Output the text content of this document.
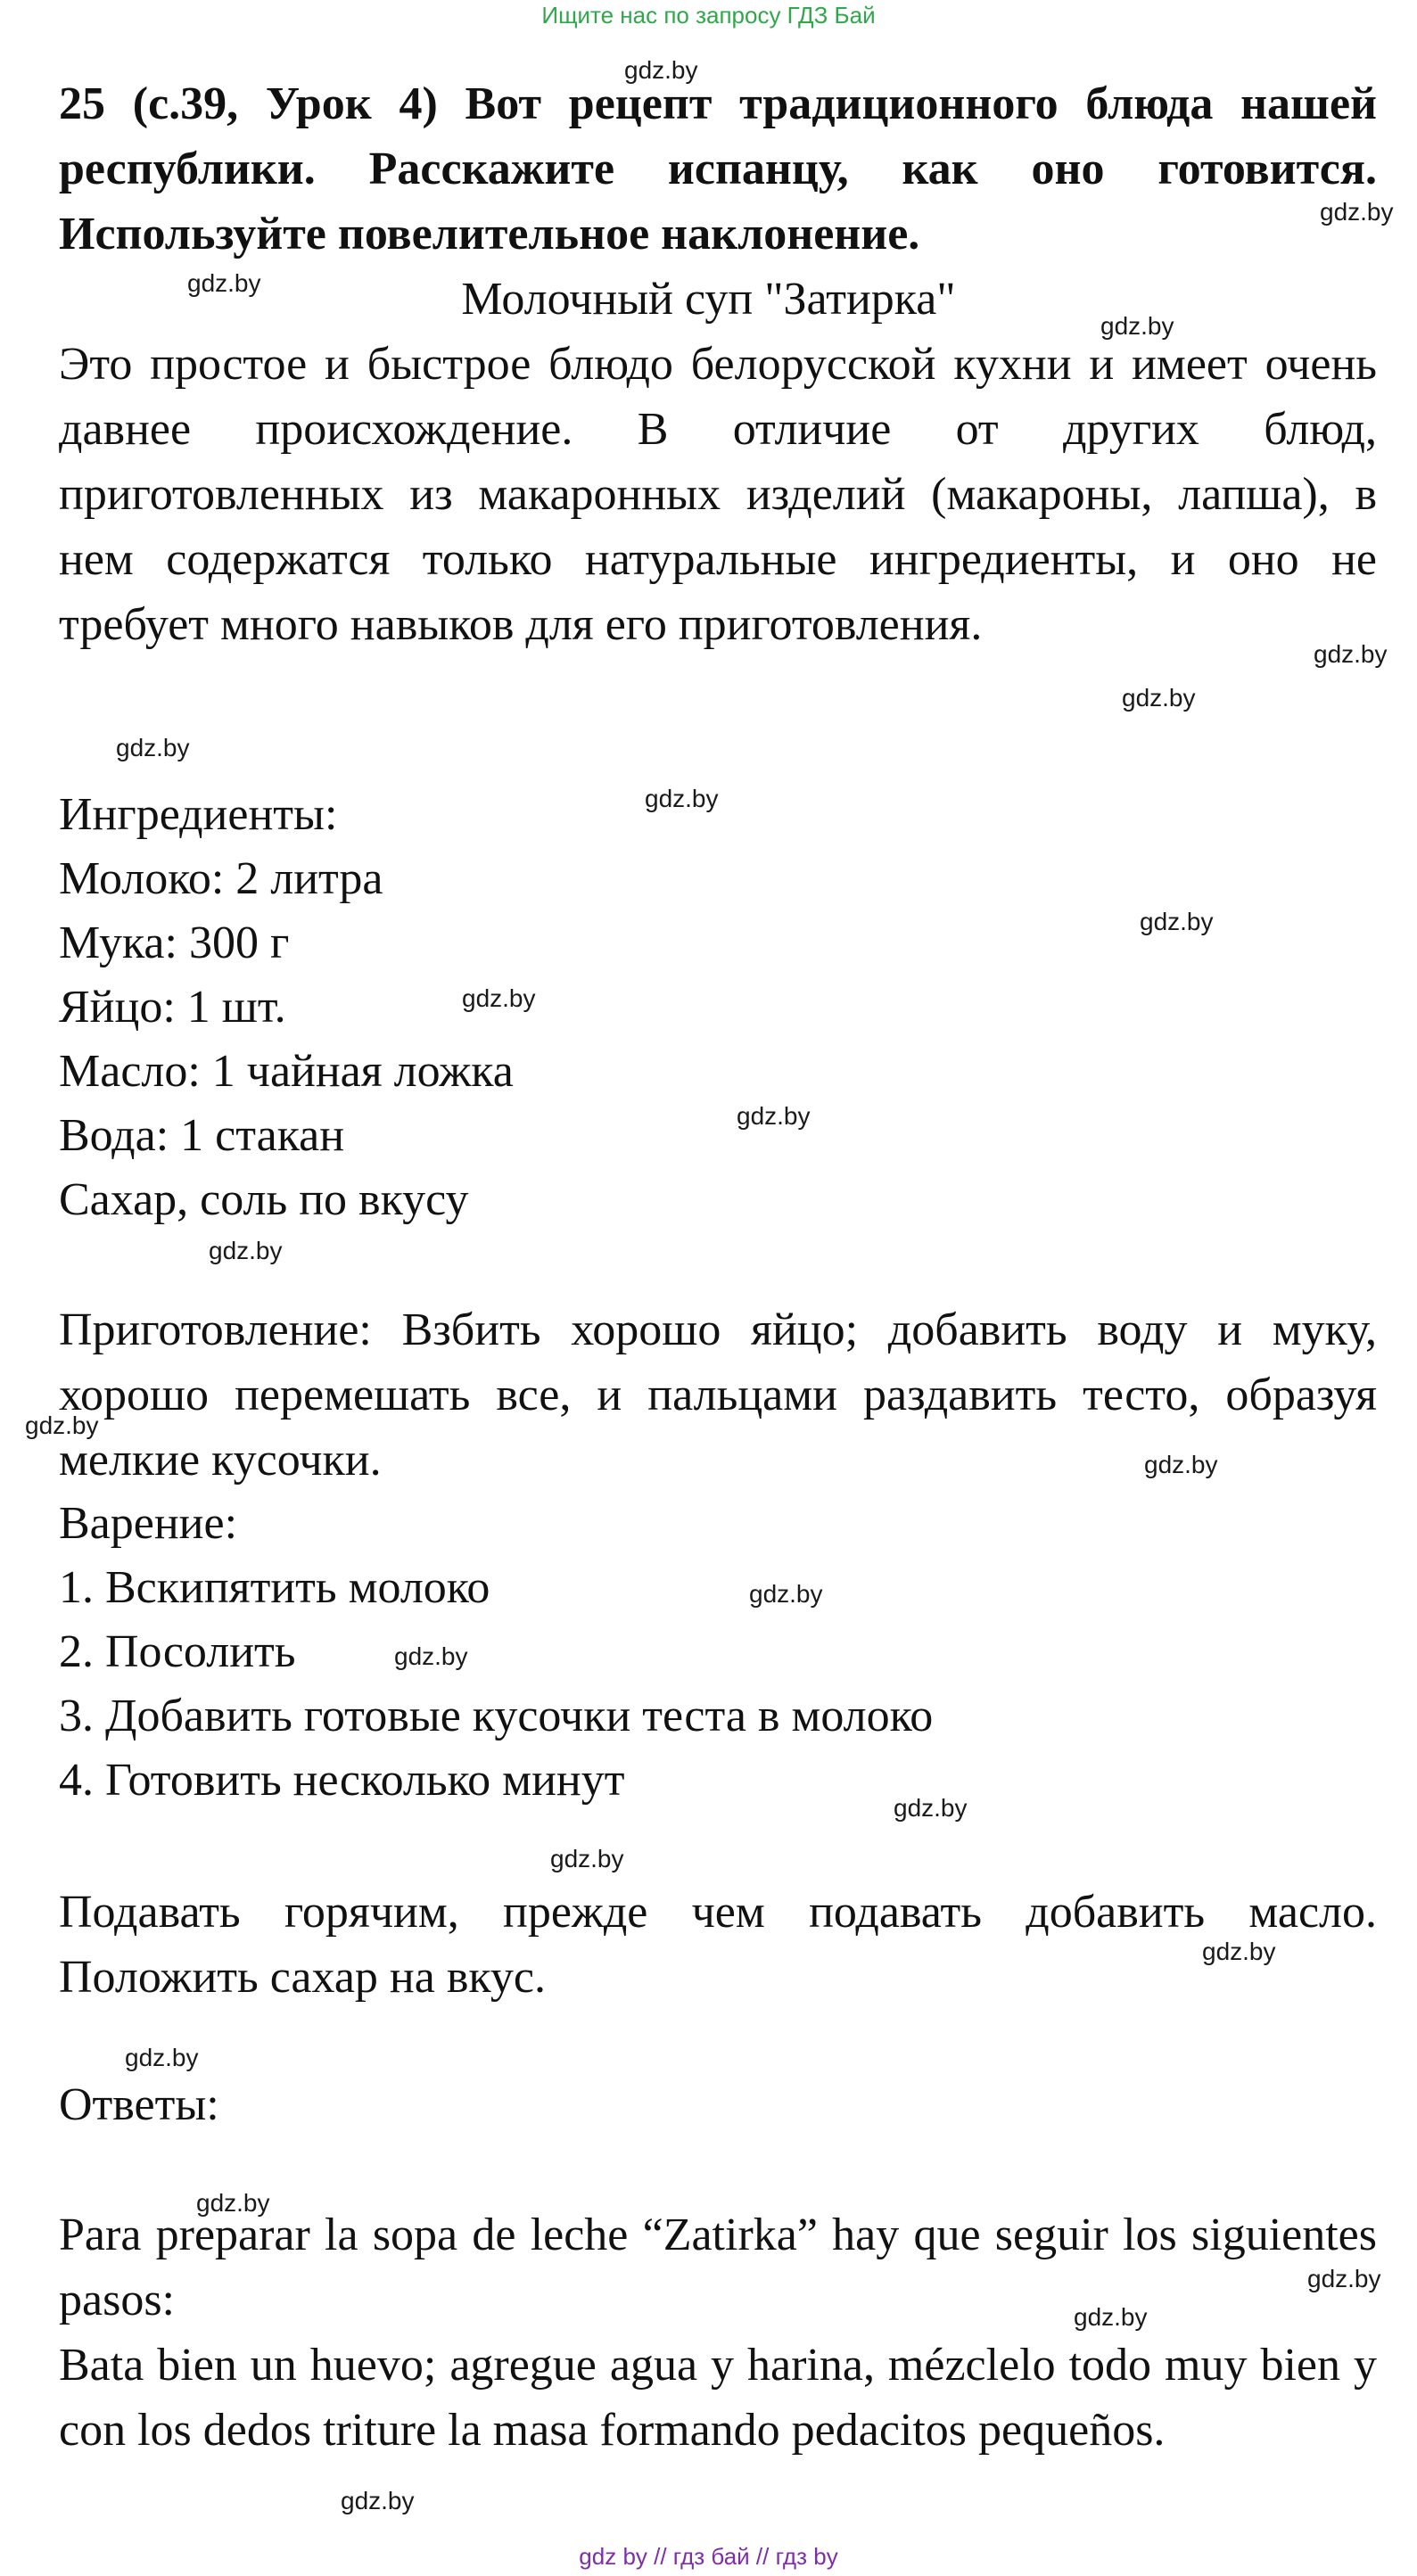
Ищите нас по запросу ГДЗ Бай
25 (с.39, Урок 4) Вот рецепт традиционного блюда нашей республики. Расскажите испанцу, как оно готовится. Используйте повелительное наклонение.
Молочный суп "Затирка"
Это простое и быстрое блюдо белорусской кухни и имеет очень давнее происхождение. В отличие от других блюд, приготовленных из макаронных изделий (макароны, лапша), в нем содержатся только натуральные ингредиенты, и оно не требует много навыков для его приготовления.
Ингредиенты:
Молоко: 2 литра
Мука: 300 г
Яйцо: 1 шт.
Масло: 1 чайная ложка
Вода: 1 стакан
Сахар, соль по вкусу
Приготовление: Взбить хорошо яйцо; добавить воду и муку, хорошо перемешать все, и пальцами раздавить тесто, образуя мелкие кусочки.
Варение:
1. Вскипятить молоко
2. Посолить
3. Добавить готовые кусочки теста в молоко
4. Готовить несколько минут
Подавать горячим, прежде чем подавать добавить масло. Положить сахар на вкус.
Ответы:
Para preparar la sopa de leche “Zatirka” hay que seguir los siguientes pasos:
Bata bien un huevo; agregue agua y harina, mézclelo todo muy bien y con los dedos triture la masa formando pedacitos pequeños.
gdz.by
gdz.by
gdz.by
gdz.by
gdz.by
gdz.by
gdz.by
gdz.by
gdz.by
gdz.by
gdz.by
gdz.by
gdz.by
gdz.by
gdz.by
gdz.by
gdz.by
gdz.by
gdz.by
gdz.by
gdz.by
gdz.by
gdz.by
gdz.by
gdz by // гдз бай // гдз by
